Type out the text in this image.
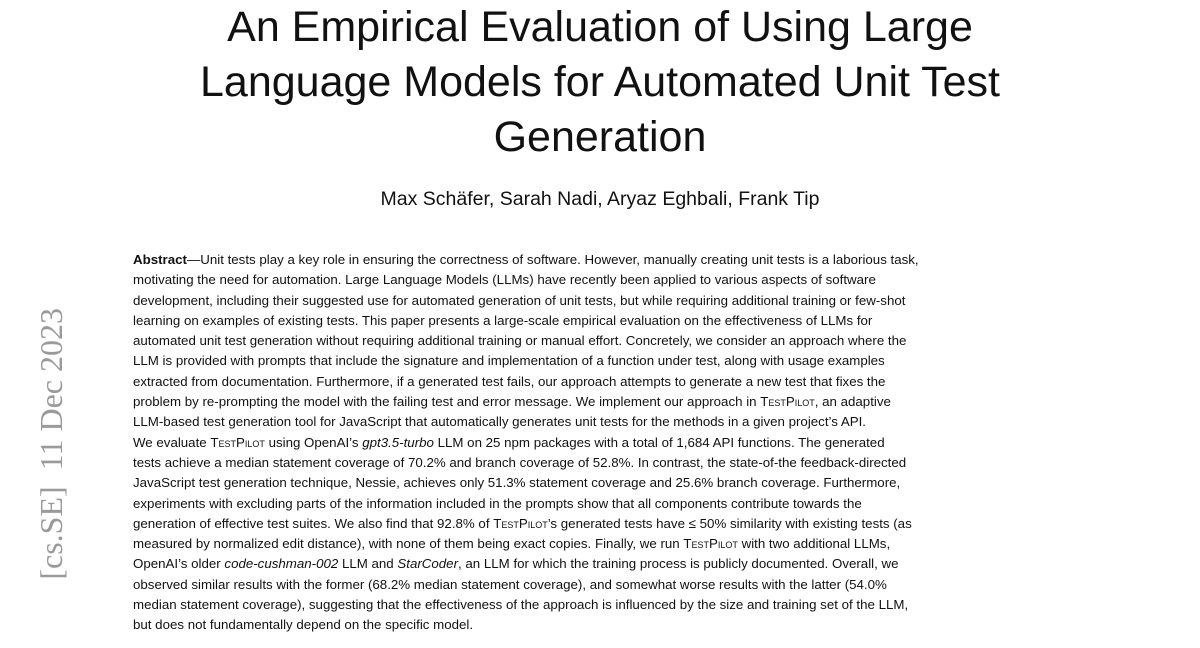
An Empirical Evaluation of Using Large
Language Models for Automated Unit Test
Generation
Max Schäfer, Sarah Nadi, Aryaz Eghbali, Frank Tip
[cs.SE]
11 Dec 2023

Abstract—Unit tests play a key role in ensuring the correctness of software. However, manually creating unit tests is a laborious task,
motivating the need for automation. Large Language Models (LLMs) have recently been applied to various aspects of software
development, including their suggested use for automated generation of unit tests, but while requiring additional training or few-shot
learning on examples of existing tests. This paper presents a large-scale empirical evaluation on the effectiveness of LLMs for
automated unit test generation without requiring additional training or manual effort. Concretely, we consider an approach where the
LLM is provided with prompts that include the signature and implementation of a function under test, along with usage examples
extracted from documentation. Furthermore, if a generated test fails, our approach attempts to generate a new test that fixes the
problem by re-prompting the model with the failing test and error message. We implement our approach in TestPilot, an adaptive
LLM-based test generation tool for JavaScript that automatically generates unit tests for the methods in a given project’s API.
We evaluate TestPilot using OpenAI’s gpt3.5-turbo LLM on 25 npm packages with a total of 1,684 API functions. The generated
tests achieve a median statement coverage of 70.2% and branch coverage of 52.8%. In contrast, the state-of-the feedback-directed
JavaScript test generation technique, Nessie, achieves only 51.3% statement coverage and 25.6% branch coverage. Furthermore,
experiments with excluding parts of the information included in the prompts show that all components contribute towards the
generation of effective test suites. We also find that 92.8% of TestPilot’s generated tests have ≤ 50% similarity with existing tests (as
measured by normalized edit distance), with none of them being exact copies. Finally, we run TestPilot with two additional LLMs,
OpenAI’s older code-cushman-002 LLM and StarCoder, an LLM for which the training process is publicly documented. Overall, we
observed similar results with the former (68.2% median statement coverage), and somewhat worse results with the latter (54.0%
median statement coverage), suggesting that the effectiveness of the approach is influenced by the size and training set of the LLM,
but does not fundamentally depend on the specific model.
